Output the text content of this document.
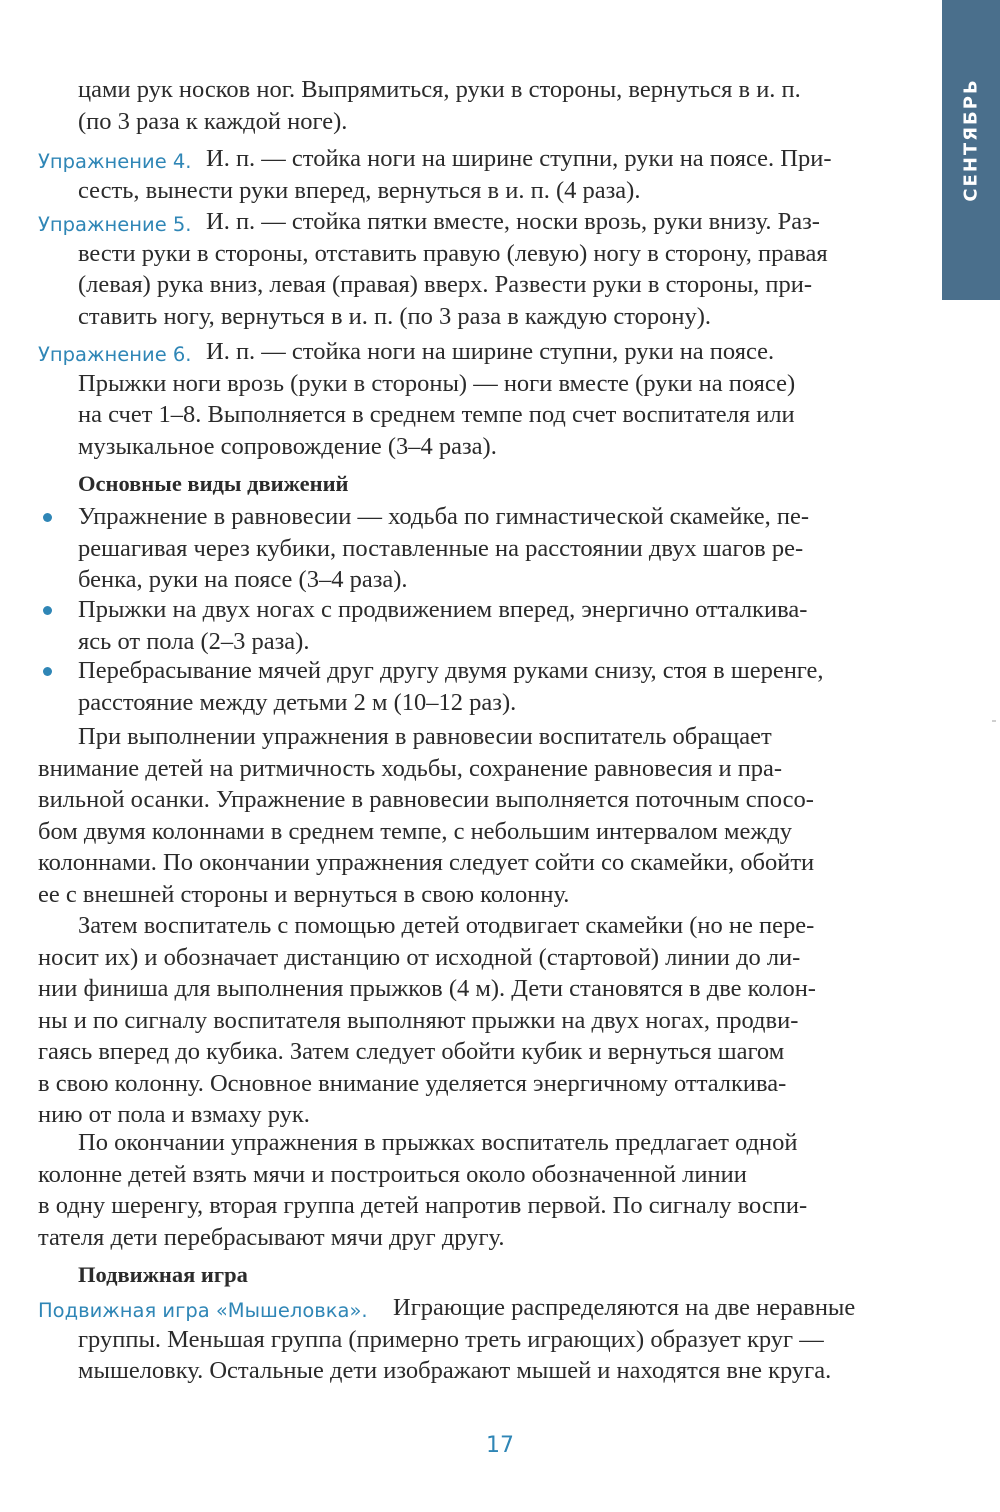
СЕНТЯБРЬ
цами рук носков ног. Выпрямиться, руки в стороны, вернуться в и. п.
(по 3 раза к каждой ноге).
Упражнение 4. И. п. — стойка ноги на ширине ступни, руки на поясе. При-
сесть, вынести руки вперед, вернуться в и. п. (4 раза).
Упражнение 5. И. п. — стойка пятки вместе, носки врозь, руки внизу. Раз-
вести руки в стороны, отставить правую (левую) ногу в сторону, правая
(левая) рука вниз, левая (правая) вверх. Развести руки в стороны, при-
ставить ногу, вернуться в и. п. (по 3 раза в каждую сторону).
Упражнение 6. И. п. — стойка ноги на ширине ступни, руки на поясе.
Прыжки ноги врозь (руки в стороны) — ноги вместе (руки на поясе)
на счет 1–8. Выполняется в среднем темпе под счет воспитателя или
музыкальное сопровождение (3–4 раза).
Основные виды движений
Упражнение в равновесии — ходьба по гимнастической скамейке, пе-
решагивая через кубики, поставленные на расстоянии двух шагов ре-
бенка, руки на поясе (3–4 раза).
Прыжки на двух ногах с продвижением вперед, энергично отталкива-
ясь от пола (2–3 раза).
Перебрасывание мячей друг другу двумя руками снизу, стоя в шеренге,
расстояние между детьми 2 м (10–12 раз).
При выполнении упражнения в равновесии воспитатель обращает
внимание детей на ритмичность ходьбы, сохранение равновесия и пра-
вильной осанки. Упражнение в равновесии выполняется поточным спосо-
бом двумя колоннами в среднем темпе, с небольшим интервалом между
колоннами. По окончании упражнения следует сойти со скамейки, обойти
ее с внешней стороны и вернуться в свою колонну.
Затем воспитатель с помощью детей отодвигает скамейки (но не пере-
носит их) и обозначает дистанцию от исходной (стартовой) линии до ли-
нии финиша для выполнения прыжков (4 м). Дети становятся в две колон-
ны и по сигналу воспитателя выполняют прыжки на двух ногах, продви-
гаясь вперед до кубика. Затем следует обойти кубик и вернуться шагом
в свою колонну. Основное внимание уделяется энергичному отталкива-
нию от пола и взмаху рук.
По окончании упражнения в прыжках воспитатель предлагает одной
колонне детей взять мячи и построиться около обозначенной линии
в одну шеренгу, вторая группа детей напротив первой. По сигналу воспи-
тателя дети перебрасывают мячи друг другу.
Подвижная игра
Подвижная игра «Мышеловка».	Играющие распределяются на две неравные
группы. Меньшая группа (примерно треть играющих) образует круг —
мышеловку. Остальные дети изображают мышей и находятся вне круга.
17
